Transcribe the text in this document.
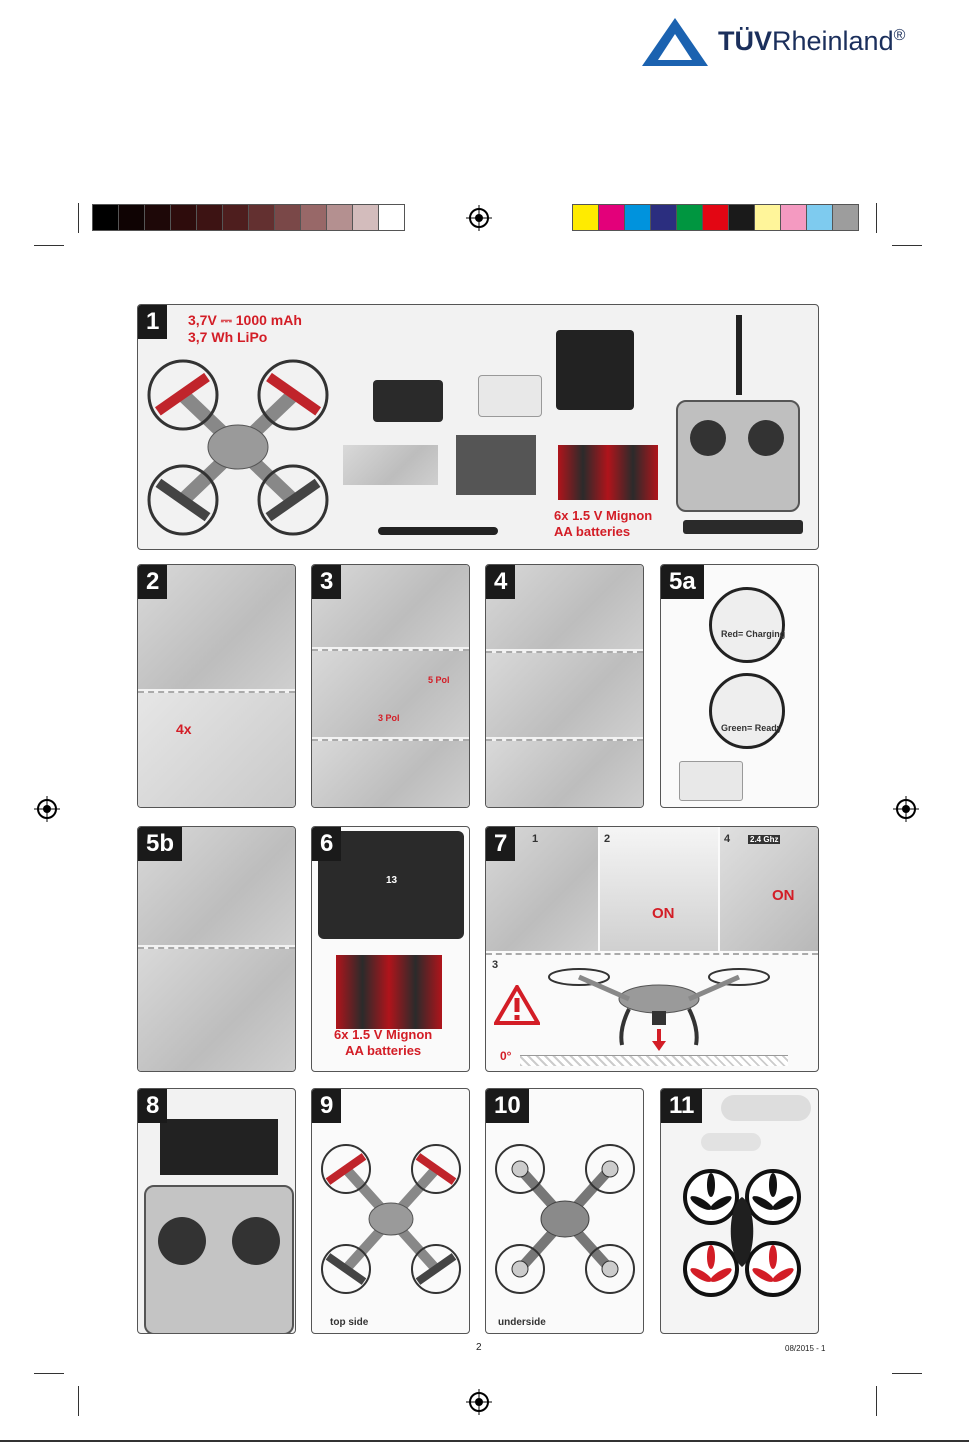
TÜVRheinland®
1	3,7V ⎓ 1000 mAh
3,7 Wh LiPo
6x 1.5 V Mignon
AA batteries
2
4x
3
5 Pol
3 Pol
4	5a
Red= Charging
Green= Ready
5b	6
13
6x 1.5 V Mignon
AA batteries
7	1	2
ON
4 2.4 Ghz
ON
3
0°
8	9
top side
10
underside
11
2	08/2015 - 1
